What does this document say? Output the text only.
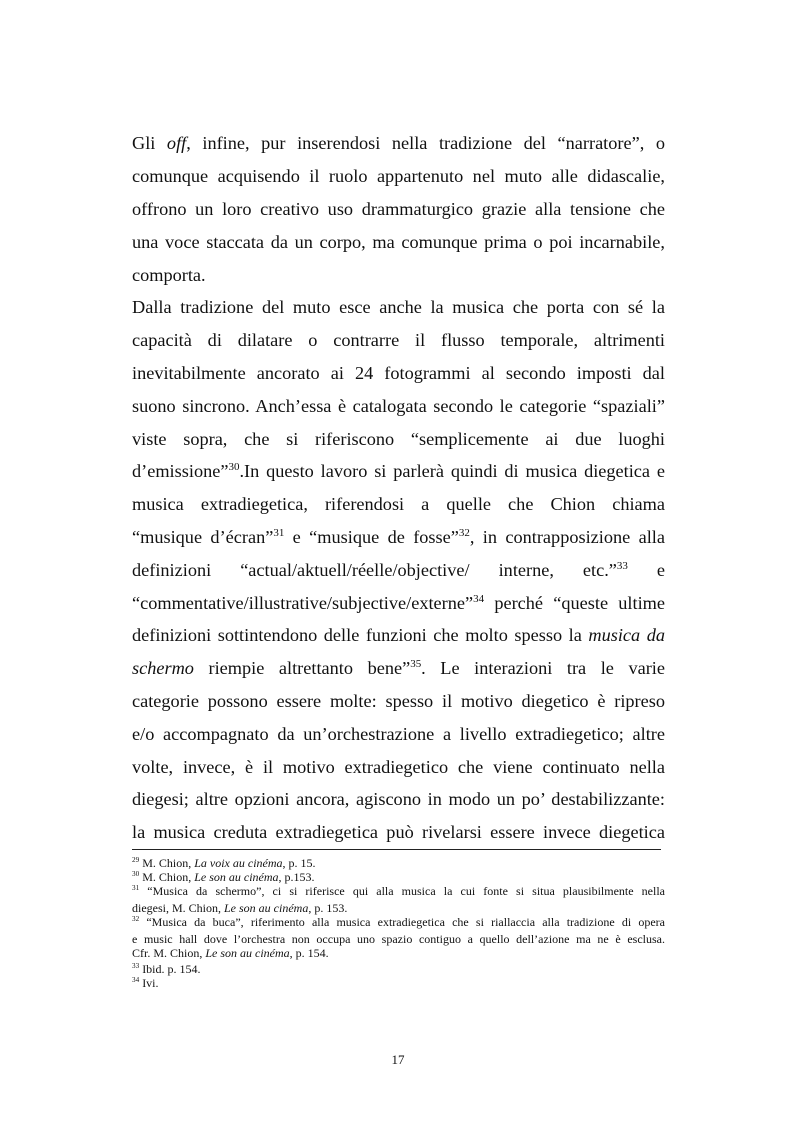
Gli off, infine, pur inserendosi nella tradizione del “narratore”, o
comunque acquisendo il ruolo appartenuto nel muto alle didascalie,
offrono un loro creativo uso drammaturgico grazie alla tensione che
una voce staccata da un corpo, ma comunque prima o poi incarnabile,
comporta.
Dalla tradizione del muto esce anche la musica che porta con sé la
capacità di dilatare o contrarre il flusso temporale, altrimenti
inevitabilmente ancorato ai 24 fotogrammi al secondo imposti dal
suono sincrono. Anch’essa è catalogata secondo le categorie “spaziali”
viste sopra, che si riferiscono “semplicemente ai due luoghi
d’emissione”$^{30}$.In questo lavoro si parlerà quindi di musica diegetica e
musica extradiegetica, riferendosi a quelle che Chion chiama
“musique d’écran”$^{31}$ e “musique de fosse”$^{32}$, in contrapposizione alla
definizioni “actual/aktuell/réelle/objective/ interne, etc.”$^{33}$ e
“commentative/illustrative/subjective/externe”$^{34}$ perché “queste ultime
definizioni sottintendono delle funzioni che molto spesso la musica da
schermo riempie altrettanto bene”$^{35}$. Le interazioni tra le varie
categorie possono essere molte: spesso il motivo diegetico è ripreso
e/o accompagnato da un’orchestrazione a livello extradiegetico; altre
volte, invece, è il motivo extradiegetico che viene continuato nella
diegesi; altre opzioni ancora, agiscono in modo un po’ destabilizzante:
la musica creduta extradiegetica può rivelarsi essere invece diegetica
$^{29}$ M. Chion, La voix au cinéma, p. 15.
$^{30}$ M. Chion, Le son au cinéma, p.153.
$^{31}$ “Musica da schermo”, ci si riferisce qui alla musica la cui fonte si situa plausibilmente nella
diegesi, M. Chion, Le son au cinéma, p. 153.
$^{32}$ “Musica da buca”, riferimento alla musica extradiegetica che si riallaccia alla tradizione di opera
e music hall dove l’orchestra non occupa uno spazio contiguo a quello dell’azione ma ne è esclusa.
Cfr. M. Chion, Le son au cinéma, p. 154.
$^{33}$ Ibid. p. 154.
$^{34}$ Ivi.
17
